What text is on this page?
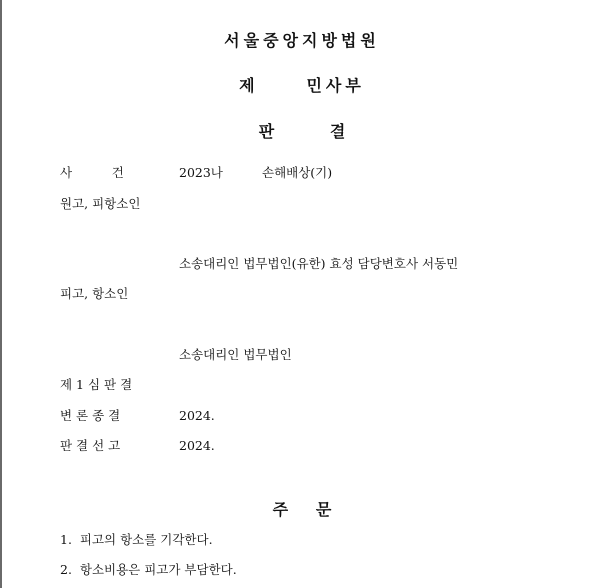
서울중앙지방법원
제     민사부
판          결
사          건	2023나	손해배상(기)
원고, 피항소인
소송대리인 법무법인(유한) 효성 담당변호사 서동민
피고, 항소인
소송대리인 법무법인
제 1 심 판 결
변 론 종 결	2024.
판 결 선 고	2024.
주     문
1.  피고의 항소를 기각한다.
2.  항소비용은 피고가 부담한다.
